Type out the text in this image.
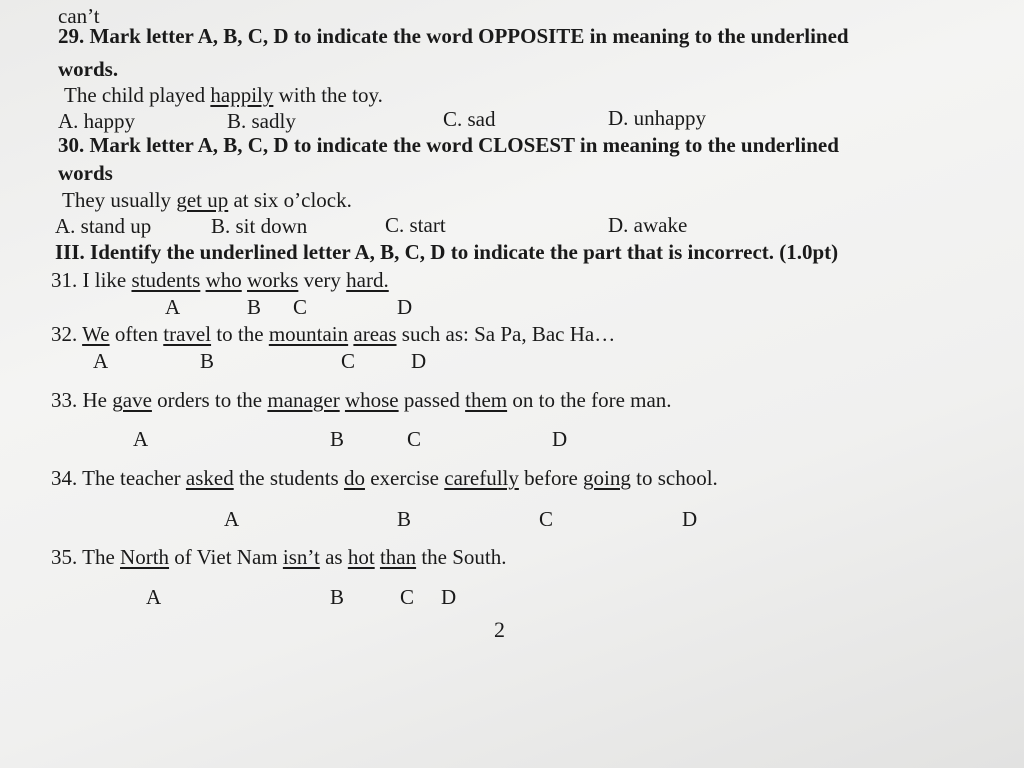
can’t
29. Mark letter A, B, C, D to indicate the word OPPOSITE in meaning to the underlined
words.
The child played happily with the toy.
A. happy	B. sadly	C. sad	D. unhappy
30. Mark letter A, B, C, D to indicate the word CLOSEST in meaning to the underlined
words
They usually get up at six o’clock.
A. stand up	B. sit down	C. start	D. awake
III. Identify the underlined letter A, B, C, D to indicate the part that is incorrect. (1.0pt)
31. I like students who works very hard.
A	B C	D
32. We often travel to the mountain areas such as: Sa Pa, Bac Ha…
A	B	C	D
33. He gave orders to the manager whose passed them on to the fore man.
A	B	C	D
34. The teacher asked the students do exercise carefully before going to school.
A	B	C	D
35. The North of Viet Nam isn’t as hot than the South.
A	B	C D
2
